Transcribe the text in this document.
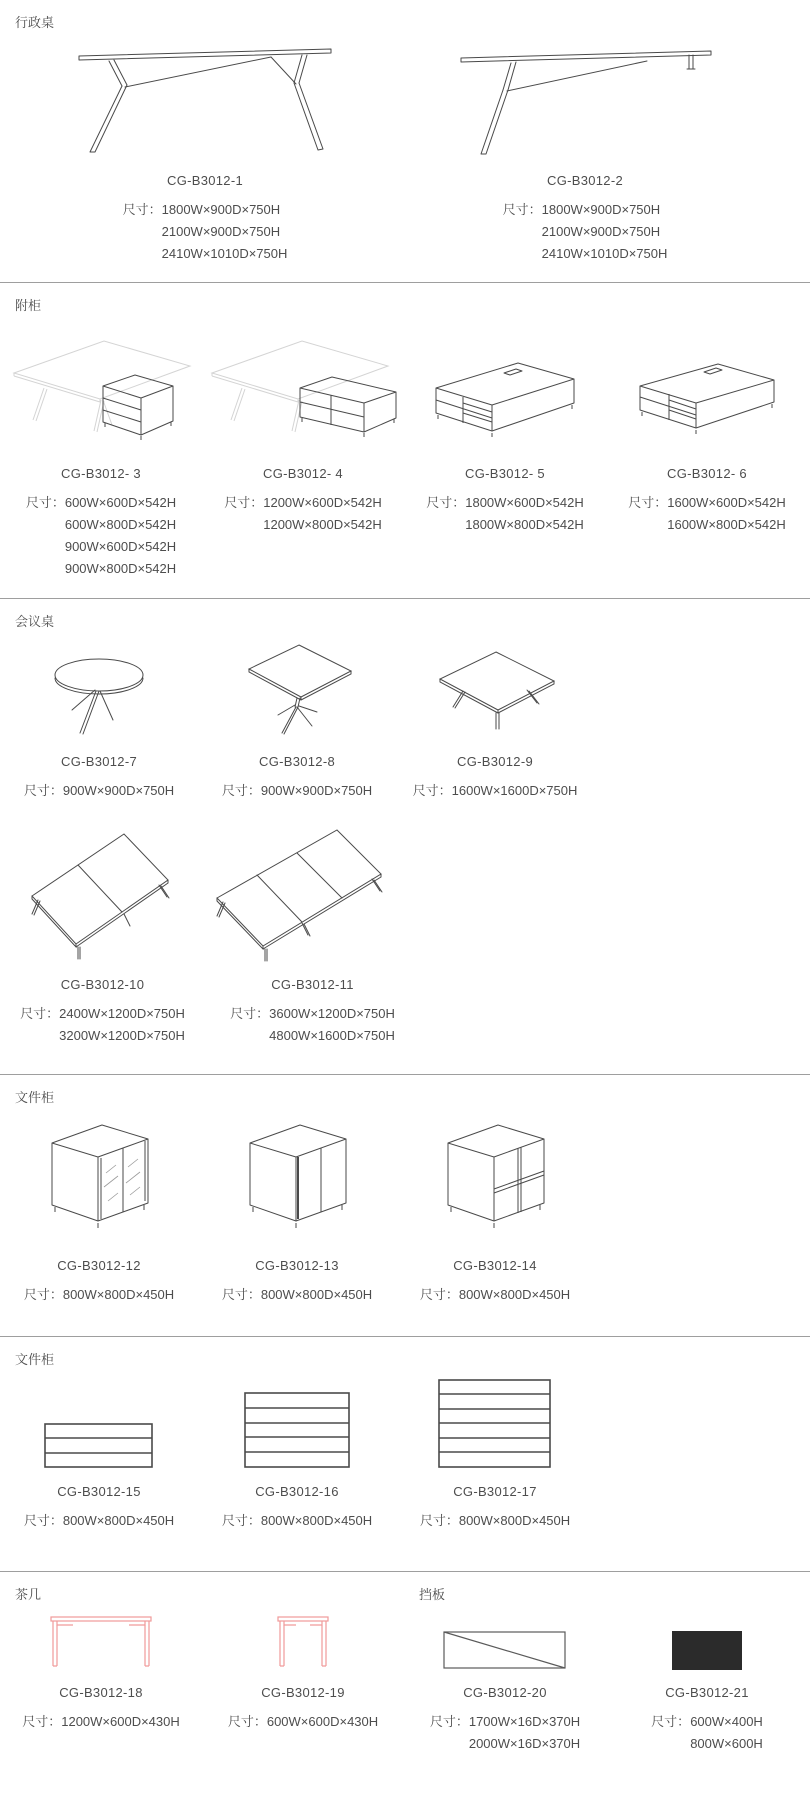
行政桌
CG-B3012-1
尺寸： 1800W×900D×750H
2100W×900D×750H
2410W×1010D×750H
CG-B3012-2
尺寸： 1800W×900D×750H
2100W×900D×750H
2410W×1010D×750H
附柜
CG-B3012- 3
尺寸： 600W×600D×542H
600W×800D×542H
900W×600D×542H
900W×800D×542H
CG-B3012- 4
尺寸： 1200W×600D×542H
1200W×800D×542H
CG-B3012- 5
尺寸： 1800W×600D×542H
1800W×800D×542H
CG-B3012- 6
尺寸： 1600W×600D×542H
1600W×800D×542H
会议桌
CG-B3012-7
尺寸： 900W×900D×750H
CG-B3012-8
尺寸： 900W×900D×750H
CG-B3012-9
尺寸： 1600W×1600D×750H
CG-B3012-10
尺寸： 2400W×1200D×750H
3200W×1200D×750H
CG-B3012-11
尺寸： 3600W×1200D×750H
4800W×1600D×750H
文件柜
CG-B3012-12
尺寸： 800W×800D×450H
CG-B3012-13
尺寸： 800W×800D×450H
CG-B3012-14
尺寸： 800W×800D×450H
文件柜
CG-B3012-15
尺寸： 800W×800D×450H
CG-B3012-16
尺寸： 800W×800D×450H
CG-B3012-17
尺寸： 800W×800D×450H
茶几	挡板
CG-B3012-18
尺寸： 1200W×600D×430H
CG-B3012-19
尺寸： 600W×600D×430H
CG-B3012-20
尺寸： 1700W×16D×370H
2000W×16D×370H
CG-B3012-21
尺寸： 600W×400H
800W×600H
